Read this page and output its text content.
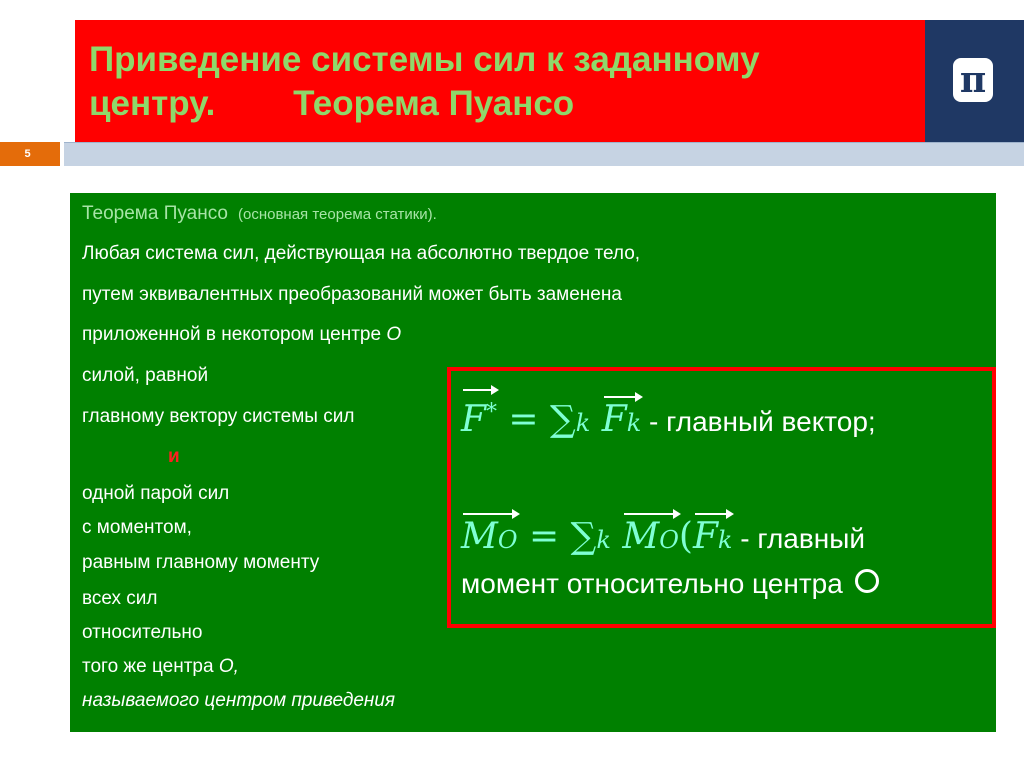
Приведение системы сил к заданному
центру.        Теорема Пуансо
π
5
Теорема Пуансо (основная теорема статики).
Любая система сил, действующая на абсолютно твердое тело,
путем эквивалентных преобразований может быть заменена
приложенной в некотором центре O
силой, равной
главному вектору системы сил
и
одной парой сил
с моментом,
равным главному моменту
всех сил
относительно
того же центра O,
называемого центром приведения
F* = ∑k Fk - главный вектор;
MO = ∑k MO(Fk - главный
момент относительно центра
